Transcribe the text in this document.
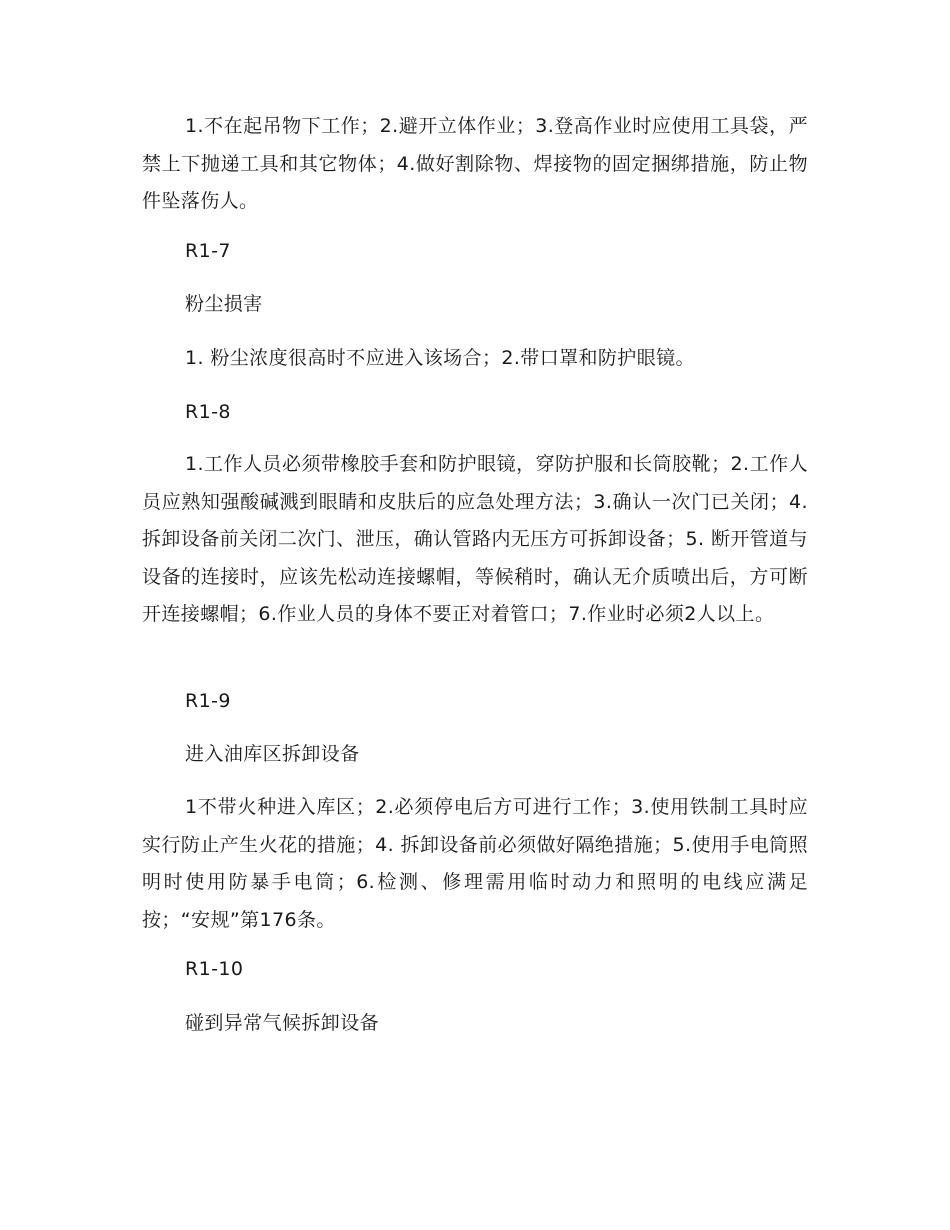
1.不在起吊物下工作；2.避开立体作业；3.登高作业时应使用工具袋，严禁上下抛递工具和其它物体；4.做好割除物、焊接物的固定捆绑措施，防止物件坠落伤人。
R1-7
粉尘损害
1. 粉尘浓度很高时不应进入该场合；2.带口罩和防护眼镜。
R1-8
1.工作人员必须带橡胶手套和防护眼镜，穿防护服和长筒胶靴；2.工作人员应熟知强酸碱溅到眼睛和皮肤后的应急处理方法；3.确认一次门已关闭；4.拆卸设备前关闭二次门、泄压，确认管路内无压方可拆卸设备；5. 断开管道与设备的连接时，应该先松动连接螺帽，等候稍时，确认无介质喷出后，方可断开连接螺帽；6.作业人员的身体不要正对着管口；7.作业时必须2人以上。
R1-9
进入油库区拆卸设备
1不带火种进入库区；2.必须停电后方可进行工作；3.使用铁制工具时应实行防止产生火花的措施；4. 拆卸设备前必须做好隔绝措施；5.使用手电筒照明时使用防暴手电筒；6.检测、修理需用临时动力和照明的电线应满足按；“安规”第176条。
R1-10
碰到异常气候拆卸设备
